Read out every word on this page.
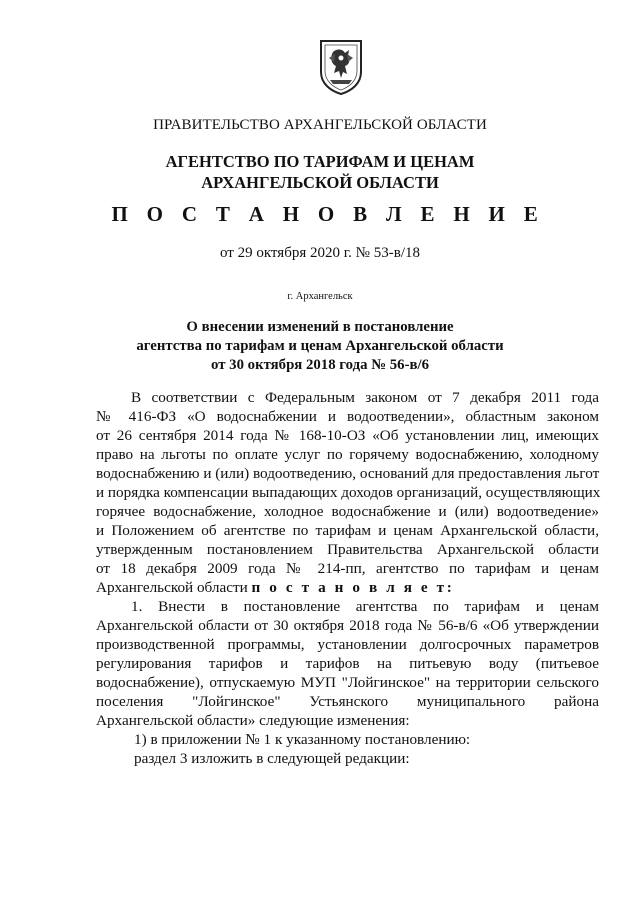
ПРАВИТЕЛЬСТВО АРХАНГЕЛЬСКОЙ ОБЛАСТИ
АГЕНТСТВО ПО ТАРИФАМ И ЦЕНАМ
АРХАНГЕЛЬСКОЙ ОБЛАСТИ
П О С Т А Н О В Л Е Н И Е
от 29 октября 2020 г. № 53-в/18
г. Архангельск
О внесении изменений в постановление
агентства по тарифам и ценам Архангельской области
от 30 октября 2018 года № 56-в/6
В соответствии с Федеральным законом от 7 декабря 2011 года
№ 416-ФЗ «О водоснабжении и водоотведении», областным законом
от 26 сентября 2014 года № 168-10-ОЗ «Об установлении лиц, имеющих
право на льготы по оплате услуг по горячему водоснабжению, холодному
водоснабжению и (или) водоотведению, оснований для предоставления льгот
и порядка компенсации выпадающих доходов организаций, осуществляющих
горячее водоснабжение, холодное водоснабжение и (или) водоотведение»
и Положением об агентстве по тарифам и ценам Архангельской области,
утвержденным постановлением Правительства Архангельской области
от 18 декабря 2009 года № 214-пп, агентство по тарифам и ценам
Архангельской области п о с т а н о в л я е т:
1. Внести в постановление агентства по тарифам и ценам
Архангельской области от 30 октября 2018 года № 56-в/6 «Об утверждении
производственной программы, установлении долгосрочных параметров
регулирования тарифов и тарифов на питьевую воду (питьевое
водоснабжение), отпускаемую МУП "Лойгинское" на территории сельского
поселения "Лойгинское" Устьянского муниципального района
Архангельской области» следующие изменения:
1) в приложении № 1 к указанному постановлению:
раздел 3 изложить в следующей редакции:
